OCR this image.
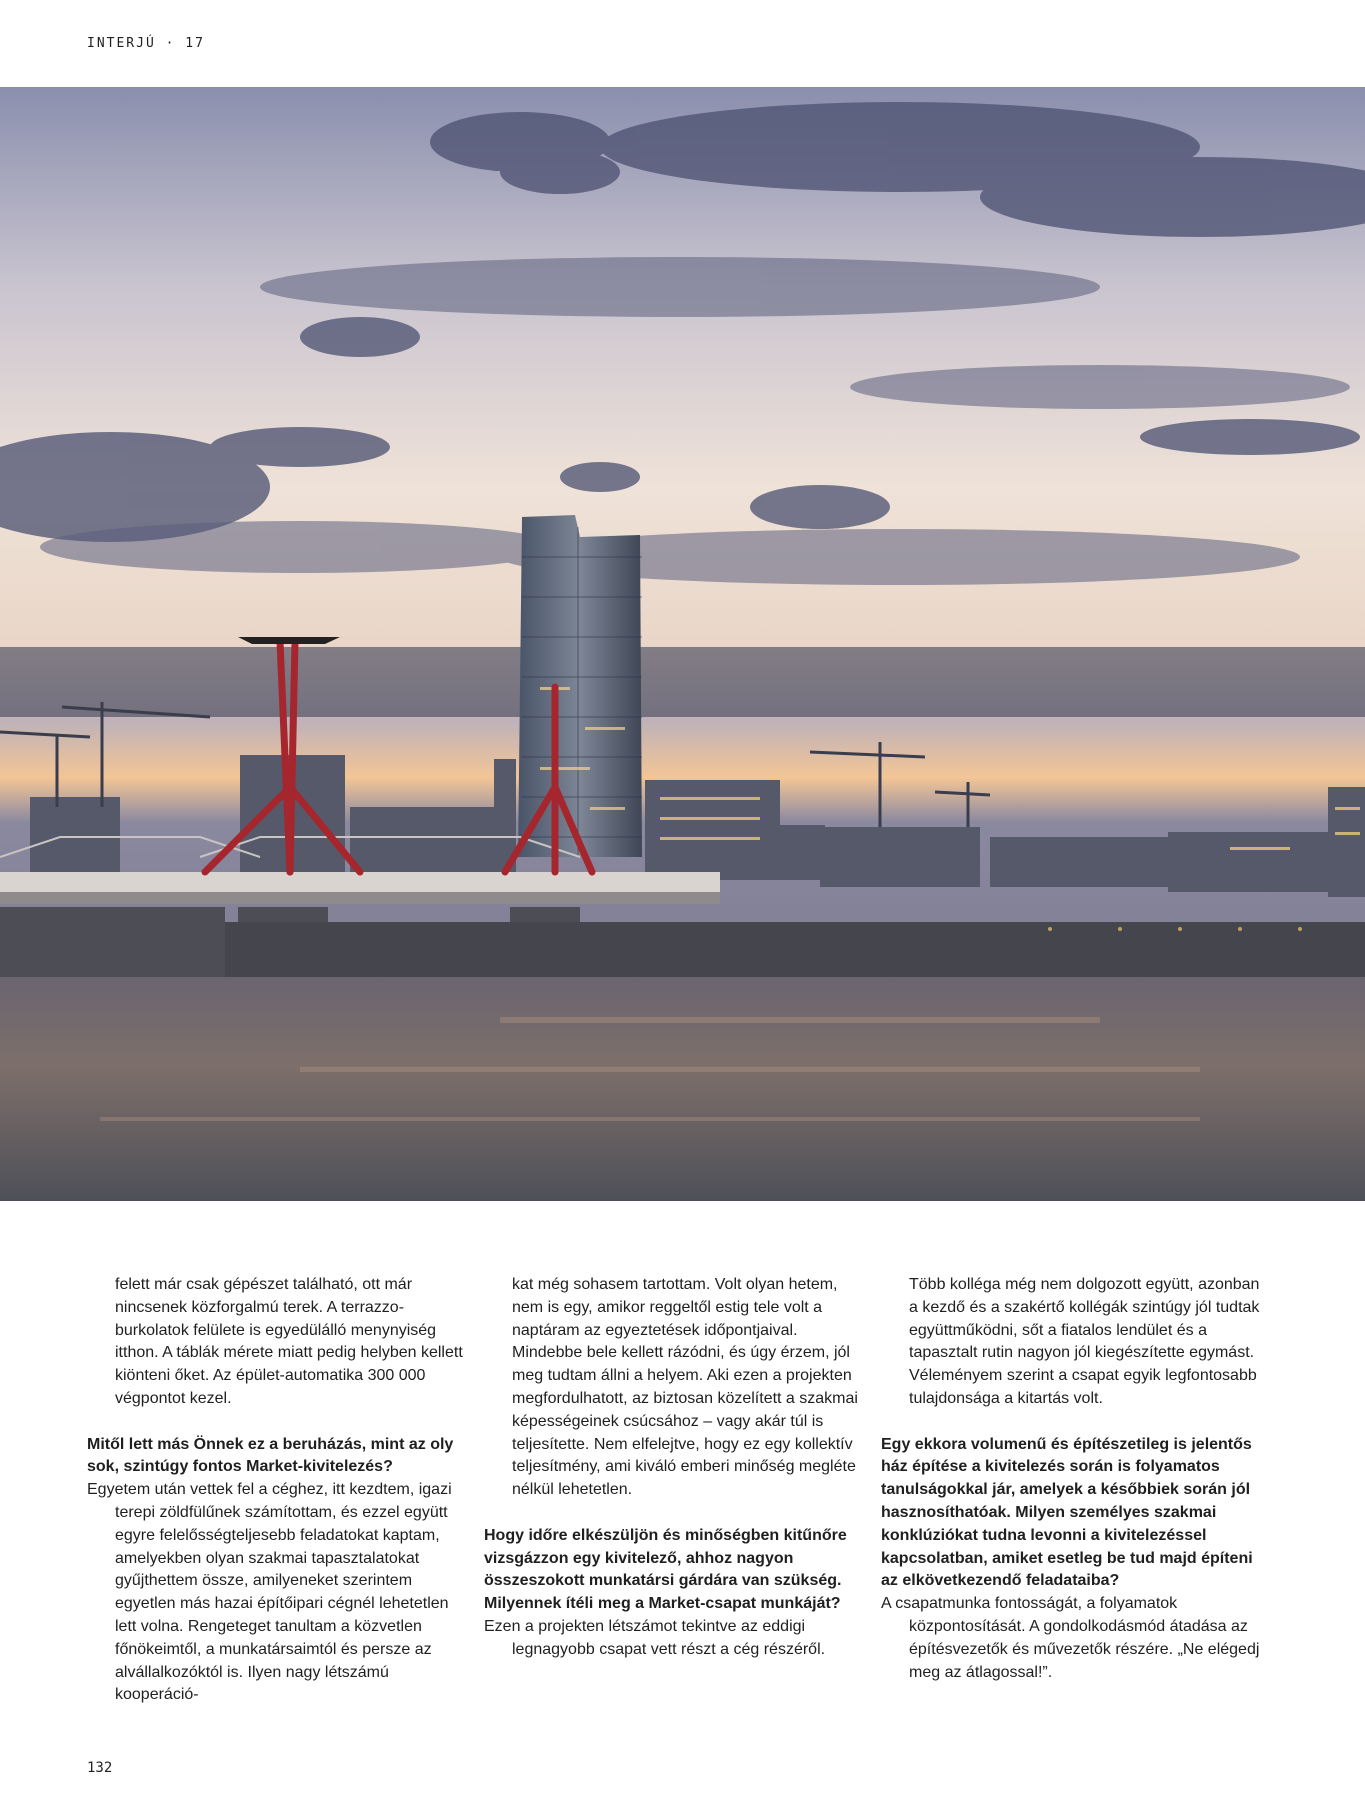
INTERJÚ · 17

felett már csak gépészet található, ott már nincsenek közforgalmú terek. A terrazzo-burkolatok felülete is egyedülálló menynyiség itthon. A táblák mérete miatt pedig helyben kellett kiönteni őket. Az épület-automatika 300 000 végpontot kezel.

Mitől lett más Önnek ez a beruházás, mint az oly sok, szintúgy fontos Market-kivitelezés?

Egyetem után vettek fel a céghez, itt kezdtem, igazi terepi zöldfülűnek számítottam, és ezzel együtt egyre felelősségteljesebb feladatokat kaptam, amelyekben olyan szakmai tapasztalatokat gyűjthettem össze, amilyeneket szerintem egyetlen más hazai építőipari cégnél lehetetlen lett volna. Rengeteget tanultam a közvetlen főnökeimtől, a munkatársaimtól és persze az alvállalkozóktól is. Ilyen nagy létszámú kooperáció-

kat még sohasem tartottam. Volt olyan hetem, nem is egy, amikor reggeltől estig tele volt a naptáram az egyeztetések időpontjaival. Mindebbe bele kellett rázódni, és úgy érzem, jól meg tudtam állni a helyem. Aki ezen a projekten megfordulhatott, az biztosan közelített a szakmai képességeinek csúcsához – vagy akár túl is teljesítette. Nem elfelejtve, hogy ez egy kollektív teljesítmény, ami kiváló emberi minőség megléte nélkül lehetetlen.

Hogy időre elkészüljön és minőségben kitűnőre vizsgázzon egy kivitelező, ahhoz nagyon összeszokott munkatársi gárdára van szükség. Milyennek ítéli meg a Market-csapat munkáját?

Ezen a projekten létszámot tekintve az eddigi legnagyobb csapat vett részt a cég részéről.

Több kolléga még nem dolgozott együtt, azonban a kezdő és a szakértő kollégák szintúgy jól tudtak együttműködni, sőt a fiatalos lendület és a tapasztalt rutin nagyon jól kiegészítette egymást. Véleményem szerint a csapat egyik legfontosabb tulajdonsága a kitartás volt.

Egy ekkora volumenű és építészetileg is jelentős ház építése a kivitelezés során is folyamatos tanulságokkal jár, amelyek a későbbiek során jól hasznosíthatóak. Milyen személyes szakmai konklúziókat tudna levonni a kivitelezéssel kapcsolatban, amiket esetleg be tud majd építeni az elkövetkezendő feladataiba?

A csapatmunka fontosságát, a folyamatok központosítását. A gondolkodásmód átadása az építésvezetők és művezetők részére. „Ne elégedj meg az átlagossal!”.

132
